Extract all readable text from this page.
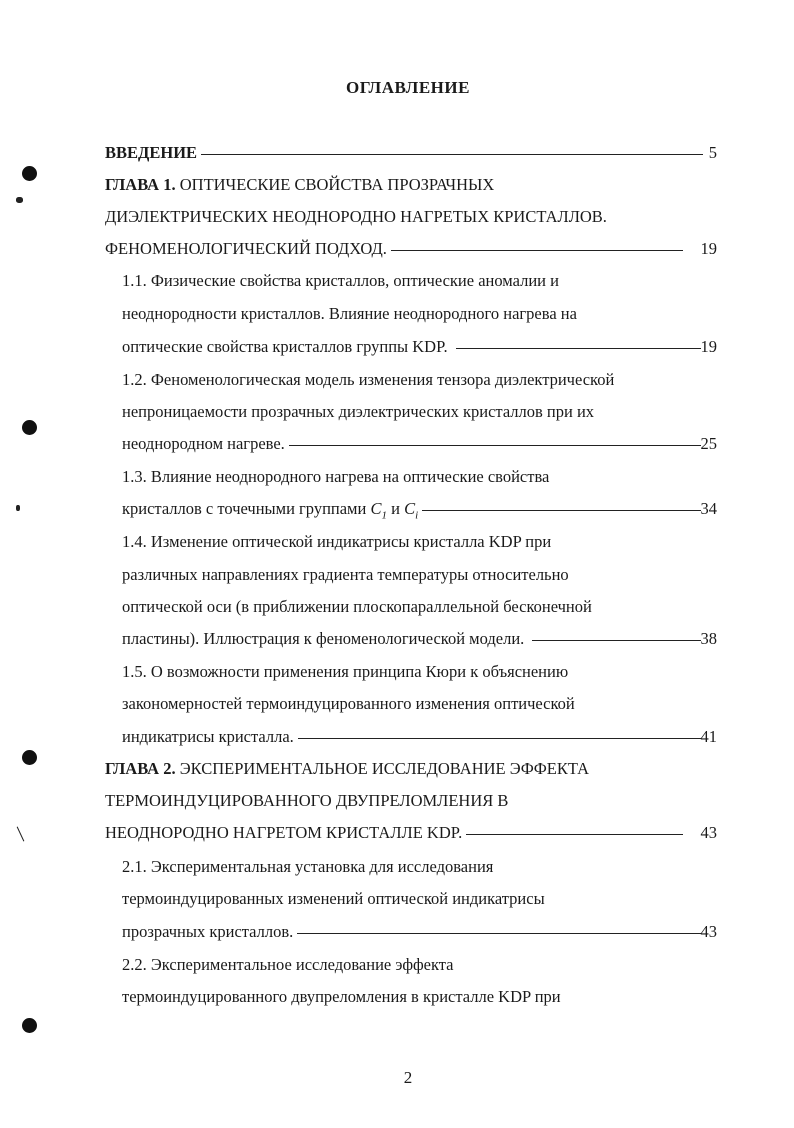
ОГЛАВЛЕНИЕ
ВВЕДЕНИЕ	5
ГЛАВА 1. ОПТИЧЕСКИЕ СВОЙСТВА ПРОЗРАЧНЫХ
ДИЭЛЕКТРИЧЕСКИХ НЕОДНОРОДНО НАГРЕТЫХ КРИСТАЛЛОВ.
ФЕНОМЕНОЛОГИЧЕСКИЙ ПОДХОД.	19
1.1. Физические свойства кристаллов, оптические аномалии и
неоднородности кристаллов. Влияние неоднородного нагрева на
оптические свойства кристаллов группы KDP.	19
1.2. Феноменологическая модель изменения тензора диэлектрической
непроницаемости прозрачных диэлектрических кристаллов при их
неоднородном нагреве.	25
1.3. Влияние неоднородного нагрева на оптические свойства
кристаллов с точечными группами $C_1$ и $C_i$	34
1.4. Изменение оптической индикатрисы кристалла KDP при
различных направлениях градиента температуры относительно
оптической оси (в приближении плоскопараллельной бесконечной
пластины). Иллюстрация к феноменологической модели.	38
1.5. О возможности применения принципа Кюри к объяснению
закономерностей термоиндуцированного изменения оптической
индикатрисы кристалла.	41
ГЛАВА 2. ЭКСПЕРИМЕНТАЛЬНОЕ ИССЛЕДОВАНИЕ ЭФФЕКТА
ТЕРМОИНДУЦИРОВАННОГО ДВУПРЕЛОМЛЕНИЯ В
НЕОДНОРОДНО НАГРЕТОМ КРИСТАЛЛЕ KDP.	43
2.1. Экспериментальная установка для исследования
термоиндуцированных изменений оптической индикатрисы
прозрачных кристаллов.	43
2.2. Экспериментальное исследование эффекта
термоиндуцированного двупреломления в кристалле KDP при
2
